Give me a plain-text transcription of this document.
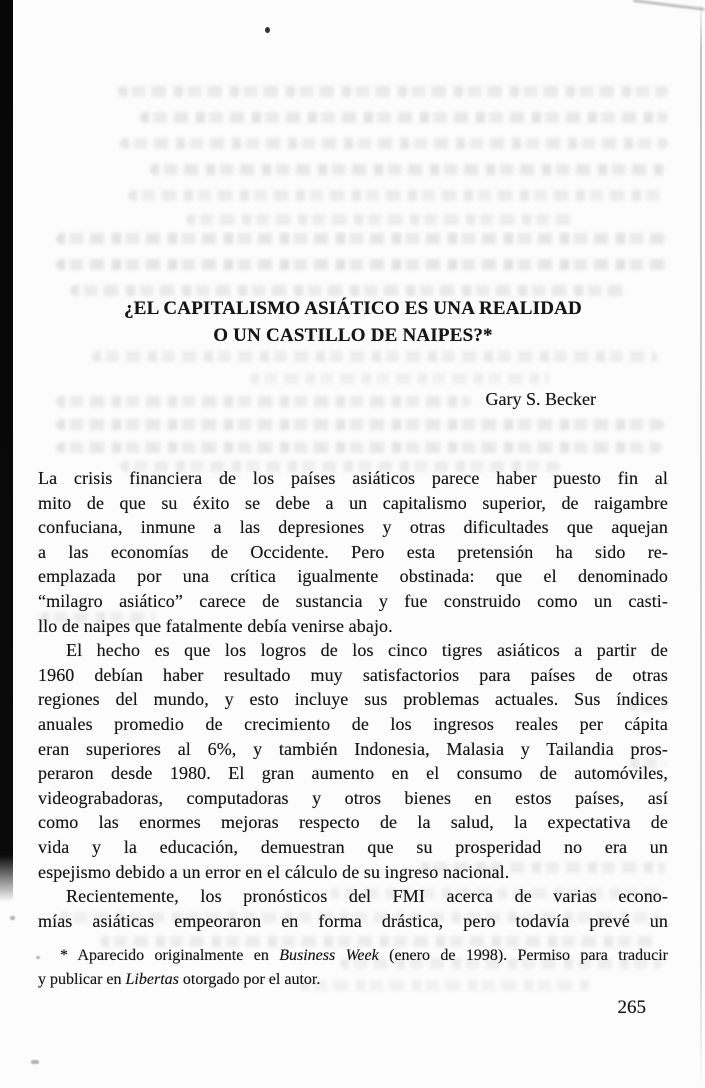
¿EL CAPITALISMO ASIÁTICO ES UNA REALIDAD
O UN CASTILLO DE NAIPES?*
Gary S. Becker
La crisis financiera de los países asiáticos parece haber puesto fin al
mito de que su éxito se debe a un capitalismo superior, de raigambre
confuciana, inmune a las depresiones y otras dificultades que aquejan
a las economías de Occidente. Pero esta pretensión ha sido re-
emplazada por una crítica igualmente obstinada: que el denominado
“milagro asiático” carece de sustancia y fue construido como un casti-
llo de naipes que fatalmente debía venirse abajo.
El hecho es que los logros de los cinco tigres asiáticos a partir de
1960 debían haber resultado muy satisfactorios para países de otras
regiones del mundo, y esto incluye sus problemas actuales. Sus índices
anuales promedio de crecimiento de los ingresos reales per cápita
eran superiores al 6%, y también Indonesia, Malasia y Tailandia pros-
peraron desde 1980. El gran aumento en el consumo de automóviles,
videograbadoras, computadoras y otros bienes en estos países, así
como las enormes mejoras respecto de la salud, la expectativa de
vida y la educación, demuestran que su prosperidad no era un
espejismo debido a un error en el cálculo de su ingreso nacional.
Recientemente, los pronósticos del FMI acerca de varias econo-
mías asiáticas empeoraron en forma drástica, pero todavía prevé un
* Aparecido originalmente en Business Week (enero de 1998). Permiso para traducir
y publicar en Libertas otorgado por el autor.
265
